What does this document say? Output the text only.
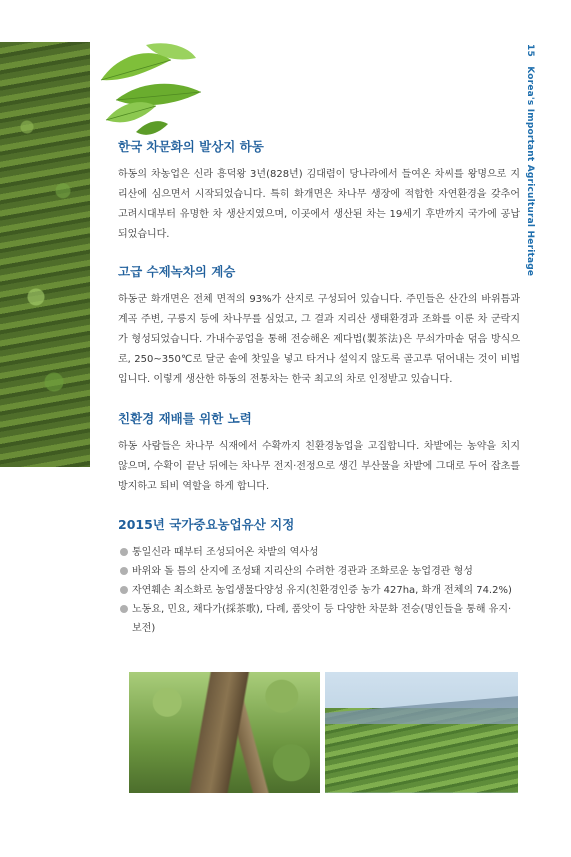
15 Korea's Important Agricultural Heritage
한국 차문화의 발상지 하동

하동의 차농업은 신라 흥덕왕 3년(828년) 김대렴이 당나라에서 들여온 차씨를 왕명으로 지리산에 심으면서 시작되었습니다. 특히 화개면은 차나무 생장에 적합한 자연환경을 갖추어 고려시대부터 유명한 차 생산지였으며, 이곳에서 생산된 차는 19세기 후반까지 국가에 공납되었습니다.

고급 수제녹차의 계승

하동군 화개면은 전체 면적의 93%가 산지로 구성되어 있습니다. 주민들은 산간의 바위틈과 계곡 주변, 구릉지 등에 차나무를 심었고, 그 결과 지리산 생태환경과 조화를 이룬 차 군락지가 형성되었습니다. 가내수공업을 통해 전승해온 제다법(製茶法)은 무쇠가마솥 덖음 방식으로, 250~350℃로 달군 솥에 찻잎을 넣고 타거나 설익지 않도록 골고루 덖어내는 것이 비법입니다. 이렇게 생산한 하동의 전통차는 한국 최고의 차로 인정받고 있습니다.

친환경 재배를 위한 노력

하동 사람들은 차나무 식재에서 수확까지 친환경농업을 고집합니다. 차밭에는 농약을 치지 않으며, 수확이 끝난 뒤에는 차나무 전지·전정으로 생긴 부산물을 차밭에 그대로 두어 잡초를 방지하고 퇴비 역할을 하게 합니다.

2015년 국가중요농업유산 지정
통일신라 때부터 조성되어온 차밭의 역사성
바위와 돌 틈의 산지에 조성돼 지리산의 수려한 경관과 조화로운 농업경관 형성
자연훼손 최소화로 농업생물다양성 유지(친환경인증 농가 427ha, 화개 전체의 74.2%)
노동요, 민요, 채다가(採茶歌), 다례, 품앗이 등 다양한 차문화 전승(명인들을 통해 유지·보전)
